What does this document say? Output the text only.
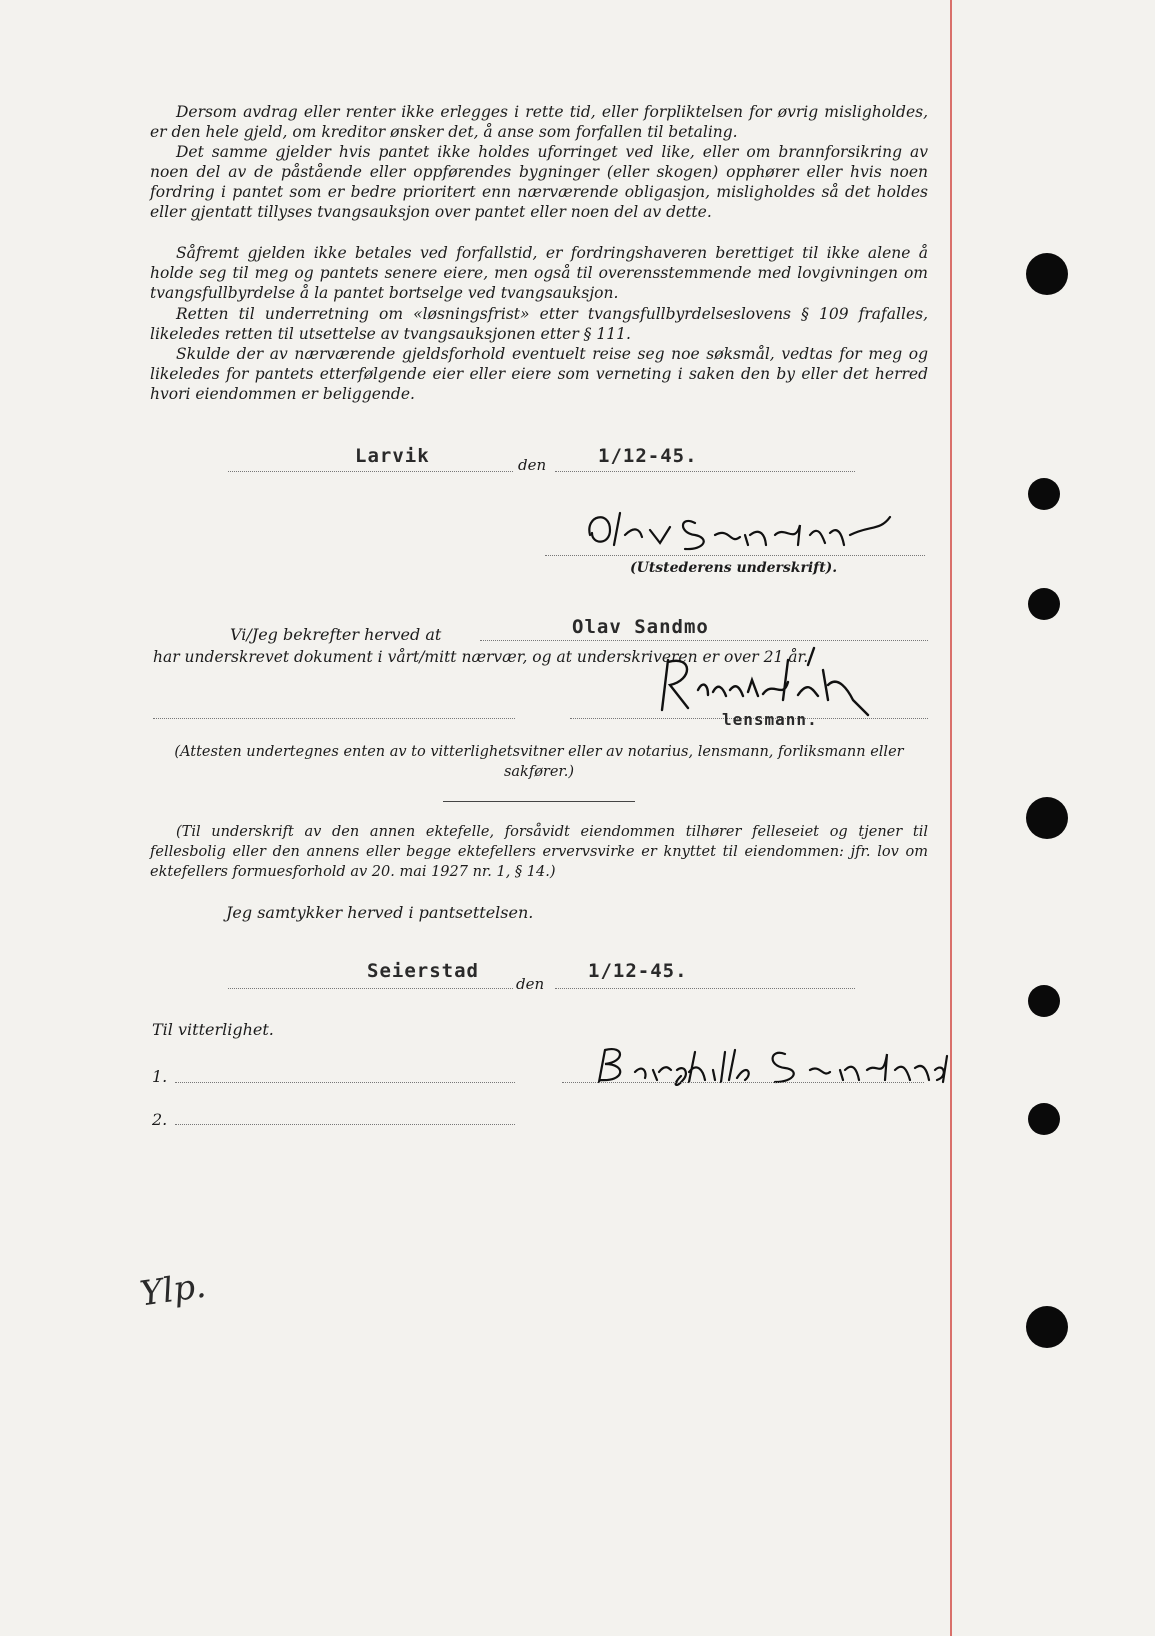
Dersom avdrag eller renter ikke erlegges i rette tid, eller forpliktelsen for øvrig misligholdes, er den hele gjeld, om kreditor ønsker det, å anse som forfallen til betaling.
Det samme gjelder hvis pantet ikke holdes uforringet ved like, eller om brannforsikring av noen del av de påstående eller oppførendes bygninger (eller skogen) opphører eller hvis noen fordring i pantet som er bedre prioritert enn nærværende obligasjon, misligholdes så det holdes eller gjentatt tillyses tvangsauksjon over pantet eller noen del av dette.
Såfremt gjelden ikke betales ved forfallstid, er fordringshaveren berettiget til ikke alene å holde seg til meg og pantets senere eiere, men også til overensstemmende med lovgivningen om tvangsfullbyrdelse å la pantet bortselge ved tvangsauksjon.
Retten til underretning om «løsningsfrist» etter tvangsfullbyrdelseslovens § 109 frafalles, likeledes retten til utsettelse av tvangsauksjonen etter § 111.
Skulde der av nærværende gjeldsforhold eventuelt reise seg noe søksmål, vedtas for meg og likeledes for pantets etterfølgende eier eller eiere som verneting i saken den by eller det herred hvori eiendommen er beliggende.
Larvik	den	1/12-45.
(Utstederens underskrift).
Vi/Jeg bekrefter herved at	Olav Sandmo
har underskrevet dokument i vårt/mitt nærvær, og at underskriveren er over 21 år.
lensmann.
(Attesten undertegnes enten av to vitterlighetsvitner eller av notarius, lensmann, forliksmann eller sakfører.)
(Til underskrift av den annen ektefelle, forsåvidt eiendommen tilhører felleseiet og tjener til fellesbolig eller den annens eller begge ektefellers ervervsvirke er knyttet til eiendommen: jfr. lov om ektefellers formuesforhold av 20. mai 1927 nr. 1, § 14.)
Jeg samtykker herved i pantsettelsen.
Seierstad
den
1/12-45.
Til vitterlighet.
1.
2.
Ylp.
